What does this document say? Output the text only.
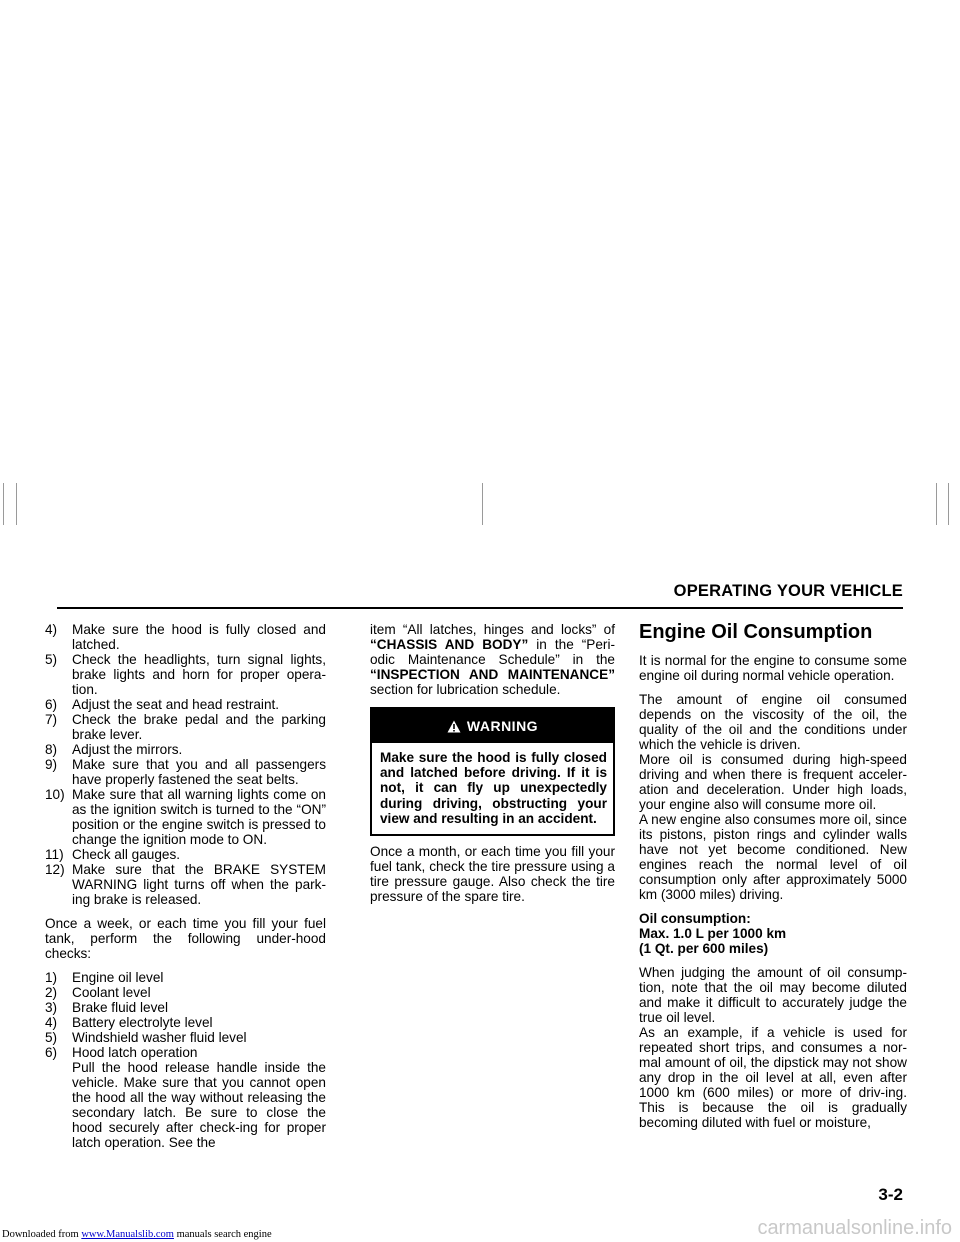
OPERATING YOUR VEHICLE
4)	Make sure the hood is fully closed and latched.
5)	Check the headlights, turn signal lights, brake lights and horn for proper opera-tion.
6)	Adjust the seat and head restraint.
7)	Check the brake pedal and the parking brake lever.
8)	Adjust the mirrors.
9)	Make sure that you and all passengers have properly fastened the seat belts.
10) Make sure that all warning lights come on as the ignition switch is turned to the “ON” position or the engine switch is pressed to change the ignition mode to ON.
11) Check all gauges.
12) Make sure that the BRAKE SYSTEM WARNING light turns off when the park-ing brake is released.

Once a week, or each time you fill your fuel tank, perform the following under-hood checks:

1)	Engine oil level
2)	Coolant level
3)	Brake fluid level
4)	Battery electrolyte level
5)	Windshield washer fluid level
6)	Hood latch operation
Pull the hood release handle inside the vehicle. Make sure that you cannot open the hood all the way without releasing the secondary latch. Be sure to close the hood securely after check-ing for proper latch operation. See the

item “All latches, hinges and locks” of “CHASSIS AND BODY” in the “Peri-odic Maintenance Schedule” in the “INSPECTION AND MAINTENANCE” section for lubrication schedule.

WARNING
Make sure the hood is fully closed and latched before driving. If it is not, it can fly up unexpectedly during driving, obstructing your view and resulting in an accident.

Once a month, or each time you fill your fuel tank, check the tire pressure using a tire pressure gauge. Also check the tire pressure of the spare tire.

Engine Oil Consumption

It is normal for the engine to consume some engine oil during normal vehicle operation.

The amount of engine oil consumed depends on the viscosity of the oil, the quality of the oil and the conditions under which the vehicle is driven.

More oil is consumed during high-speed driving and when there is frequent acceler-ation and deceleration. Under high loads, your engine also will consume more oil.

A new engine also consumes more oil, since its pistons, piston rings and cylinder walls have not yet become conditioned. New engines reach the normal level of oil consumption only after approximately 5000 km (3000 miles) driving.

Oil consumption:

Max. 1.0 L per 1000 km

(1 Qt. per 600 miles)

When judging the amount of oil consump-tion, note that the oil may become diluted and make it difficult to accurately judge the true oil level.

As an example, if a vehicle is used for repeated short trips, and consumes a nor-mal amount of oil, the dipstick may not show any drop in the oil level at all, even after 1000 km (600 miles) or more of driv-ing. This is because the oil is gradually becoming diluted with fuel or moisture,

3-2
Downloaded from www.Manualslib.com manuals search engine	carmanualsonline.info
